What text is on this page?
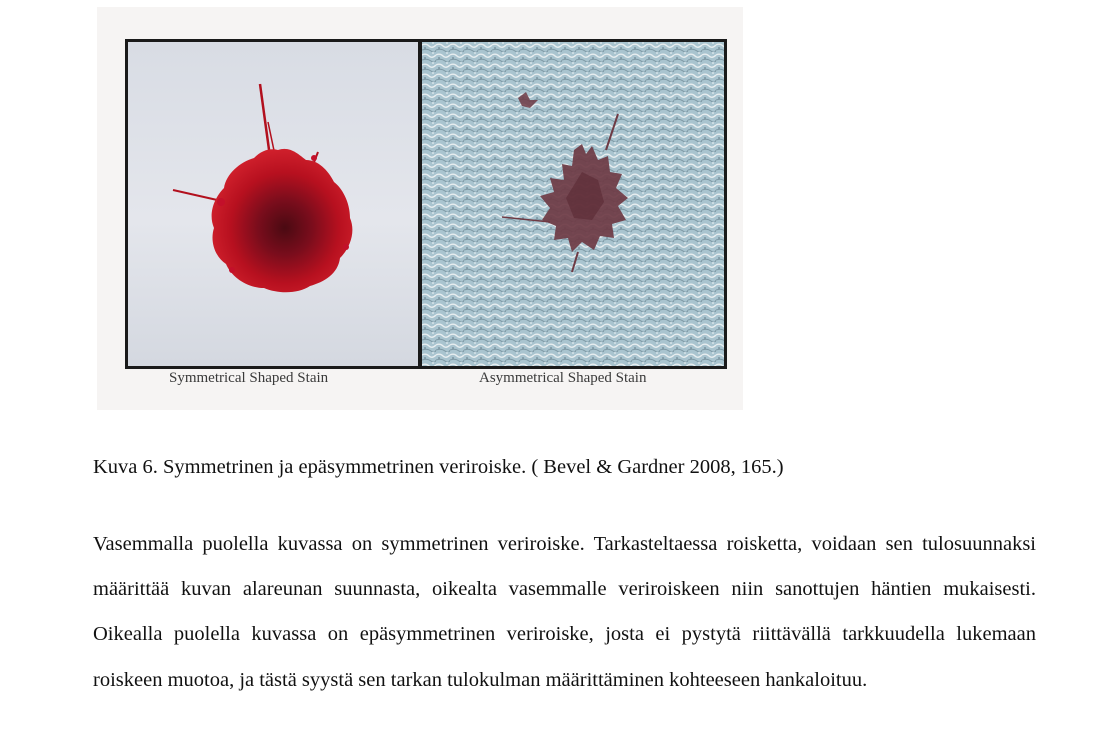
Symmetrical Shaped Stain	Asymmetrical Shaped Stain
Kuva 6. Symmetrinen ja epäsymmetrinen veriroiske. ( Bevel & Gardner 2008, 165.)

Vasemmalla puolella kuvassa on symmetrinen veriroiske. Tarkasteltaessa roisketta, voidaan sen tulosuunnaksi määrittää kuvan alareunan suunnasta, oikealta vasemmalle veriroiskeen niin sanottujen häntien mukaisesti. Oikealla puolella kuvassa on epäsymmetrinen veriroiske, josta ei pystytä riittävällä tarkkuudella lukemaan roiskeen muotoa, ja tästä syystä sen tarkan tulokulman määrittäminen kohteeseen hankaloituu.
